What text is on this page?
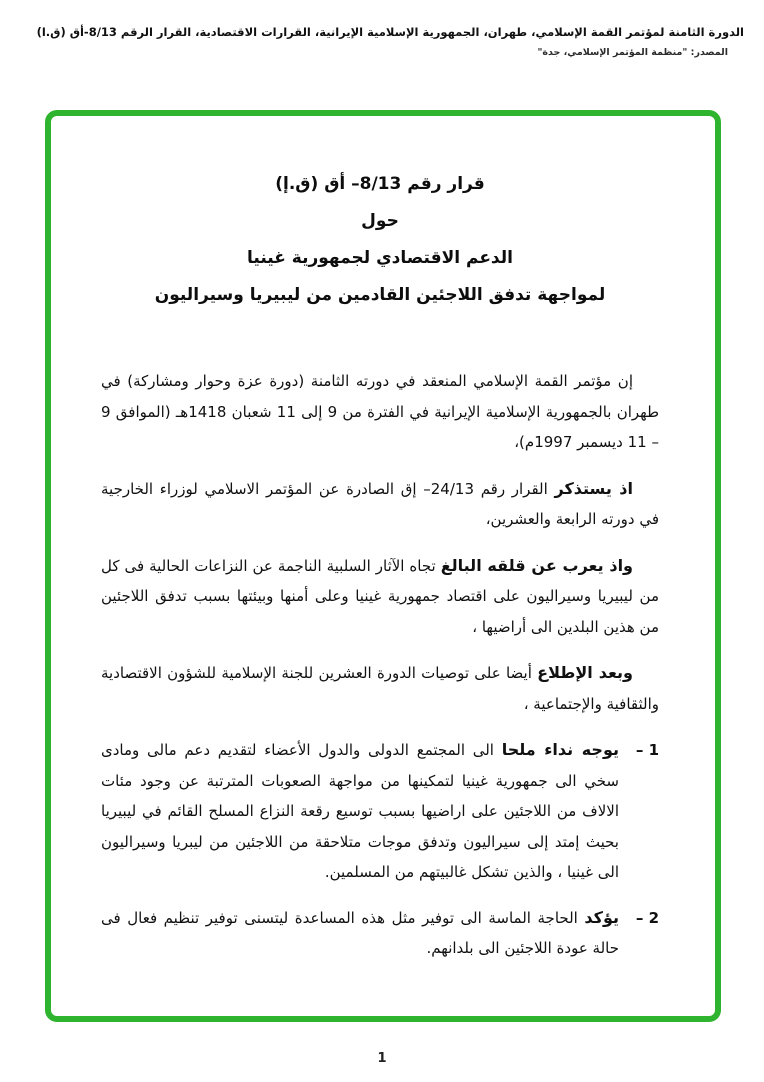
الدورة الثامنة لمؤتمر القمة الإسلامي، طهران، الجمهورية الإسلامية الإيرانية، القرارات الاقتصادية، القرار الرقم 8/13-أق (ق.ا)
المصدر: "منظمة المؤتمر الإسلامي، جدة"
قرار رقم 8/13– أق (ق.إ)
حول
الدعم الاقتصادي لجمهورية غينيا
لمواجهة تدفق اللاجئين القادمين من ليبيريا وسيراليون

إن مؤتمر القمة الإسلامي المنعقد في دورته الثامنة (دورة عزة وحوار ومشاركة) في طهران بالجمهورية الإسلامية الإيرانية في الفترة من 9 إلى 11 شعبان 1418هـ (الموافق 9 – 11 ديسمبر 1997م)،

اذ يستذكر القرار رقم 24/13– إق الصادرة عن المؤتمر الاسلامي لوزراء الخارجية في دورته الرابعة والعشرين،

واذ يعرب عن قلقه البالغ تجاه الآثار السلبية الناجمة عن النزاعات الحالية فى كل من ليبيريا وسيراليون على اقتصاد جمهورية غينيا وعلى أمنها وبيئتها بسبب تدفق اللاجئين من هذين البلدين الى أراضيها ،

وبعد الإطلاع أيضا على توصيات الدورة العشرين للجنة الإسلامية للشؤون الاقتصادية والثقافية والإجتماعية ،

1 –
يوجه نداء ملحا الى المجتمع الدولى والدول الأعضاء لتقديم دعم مالى ومادى سخي الى جمهورية غينيا لتمكينها من مواجهة الصعوبات المترتبة عن وجود مئات الالاف من اللاجئين على اراضيها بسبب توسيع رقعة النزاع المسلح القائم في ليبيريا بحيث إمتد إلى سيراليون وتدفق موجات متلاحقة من اللاجئين من ليبريا وسيراليون الى غينيا ، والذين تشكل غالبيتهم من المسلمين.
2 –
يؤكد الحاجة الماسة الى توفير مثل هذه المساعدة ليتسنى توفير تنظيم فعال فى حالة عودة اللاجئين الى بلدانهم.
1
